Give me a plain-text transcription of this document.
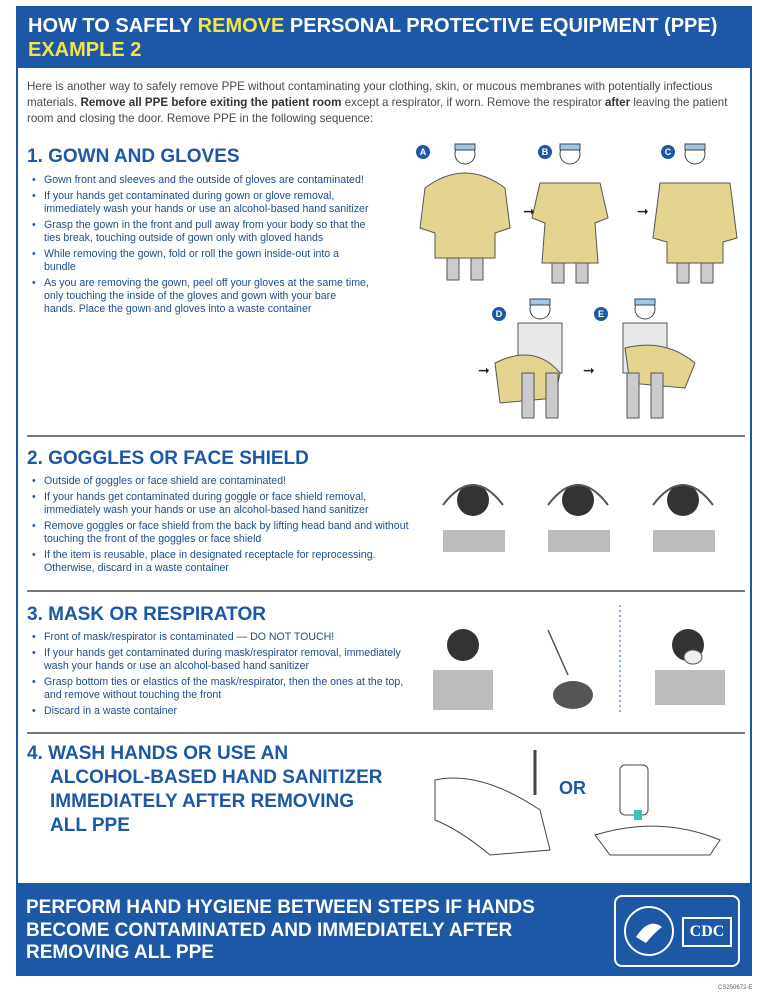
HOW TO SAFELY REMOVE PERSONAL PROTECTIVE EQUIPMENT (PPE)
EXAMPLE 2
Here is another way to safely remove PPE without contaminating your clothing, skin, or mucous membranes with potentially infectious materials. Remove all PPE before exiting the patient room except a respirator, if worn. Remove the respirator after leaving the patient room and closing the door. Remove PPE in the following sequence:
1. GOWN AND GLOVES
• Gown front and sleeves and the outside of gloves are contaminated!
• If your hands get contaminated during gown or glove removal, immediately wash your hands or use an alcohol-based hand sanitizer
• Grasp the gown in the front and pull away from your body so that the ties break, touching outside of gown only with gloved hands
• While removing the gown, fold or roll the gown inside-out into a bundle
• As you are removing the gown, peel off your gloves at the same time, only touching the inside of the gloves and gown with your bare hands. Place the gown and gloves into a waste container
A	B	C
D	E
➞	➞
➞	➞
2. GOGGLES OR FACE SHIELD
• Outside of goggles or face shield are contaminated!
• If your hands get contaminated during goggle or face shield removal, immediately wash your hands or use an alcohol-based hand sanitizer
• Remove goggles or face shield from the back by lifting head band and without touching the front of the goggles or face shield
• If the item is reusable, place in designated receptacle for reprocessing. Otherwise, discard in a waste container
3. MASK OR RESPIRATOR
• Front of mask/respirator is contaminated — DO NOT TOUCH!
• If your hands get contaminated during mask/respirator removal, immediately wash your hands or use an alcohol-based hand sanitizer
• Grasp bottom ties or elastics of the mask/respirator, then the ones at the top, and remove without touching the front
• Discard in a waste container
4. WASH HANDS OR USE AN
ALCOHOL-BASED HAND SANITIZER
IMMEDIATELY AFTER REMOVING
ALL PPE
OR
PERFORM HAND HYGIENE BETWEEN STEPS IF HANDS
BECOME CONTAMINATED AND IMMEDIATELY AFTER
REMOVING ALL PPE
CDC
CS250672-E
